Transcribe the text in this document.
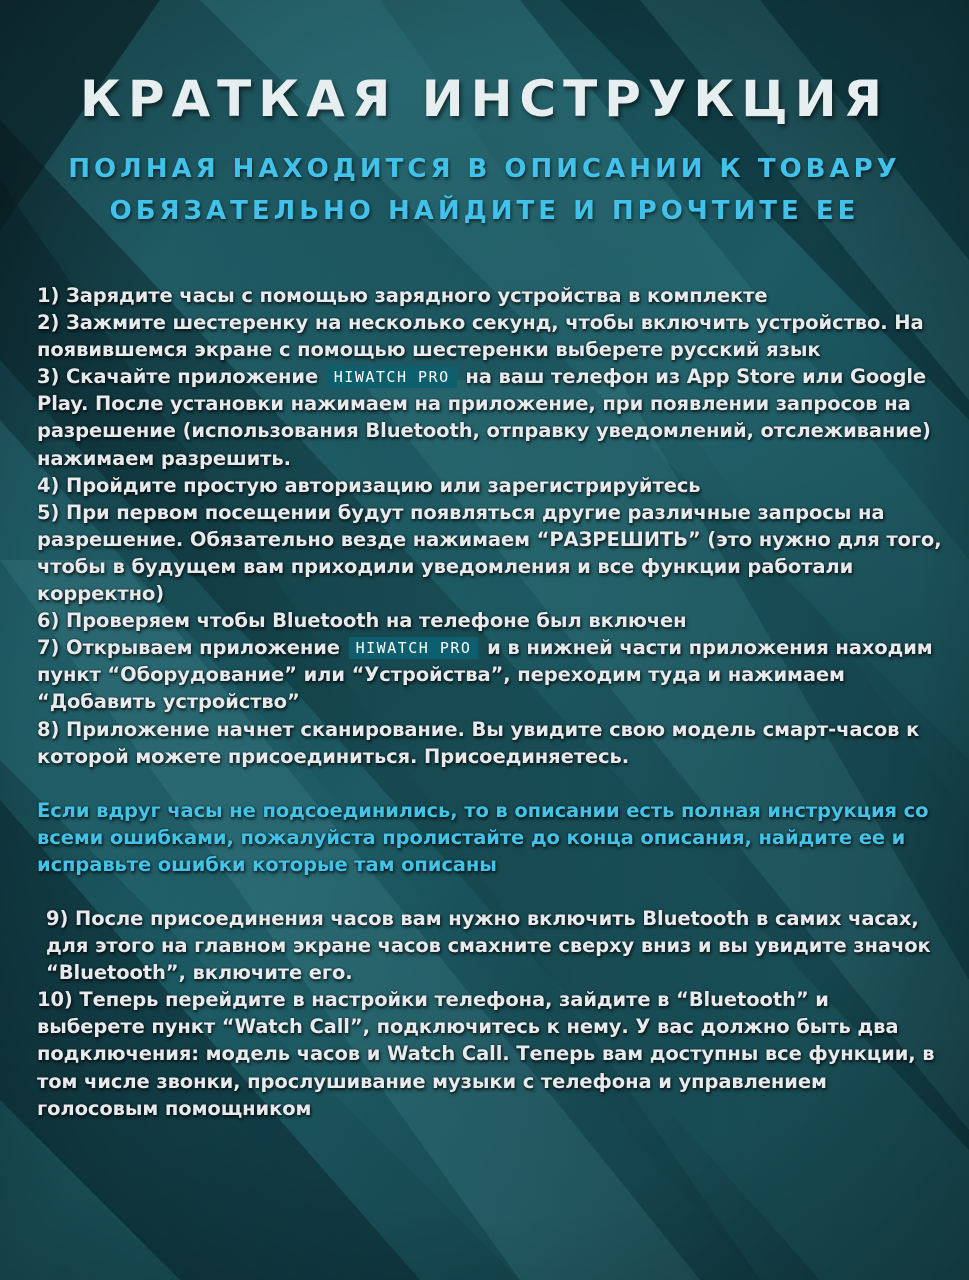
КРАТКАЯ ИНСТРУКЦИЯ
ПОЛНАЯ НАХОДИТСЯ В ОПИСАНИИ К ТОВАРУ
ОБЯЗАТЕЛЬНО НАЙДИТЕ И ПРОЧТИТЕ ЕЕ

1) Зарядите часы с помощью зарядного устройства в комплекте

2) Зажмите шестеренку на несколько секунд, чтобы включить устройство. На появившемся экране с помощью шестеренки выберете русский язык

3) Скачайте приложение HIWATCH PRO на ваш телефон из App Store или Google Play. После установки нажимаем на приложение, при появлении запросов на разрешение (использования Bluetooth, отправку уведомлений, отслеживание) нажимаем разрешить.

4) Пройдите простую авторизацию или зарегистрируйтесь

5) При первом посещении будут появляться другие различные запросы на разрешение. Обязательно везде нажимаем “РАЗРЕШИТЬ” (это нужно для того, чтобы в будущем вам приходили уведомления и все функции работали корректно)

6) Проверяем чтобы Bluetooth на телефоне был включен

7) Открываем приложение HIWATCH PRO и в нижней части приложения находим пункт “Оборудование” или “Устройства”, переходим туда и нажимаем “Добавить устройство”

8) Приложение начнет сканирование. Вы увидите свою модель смарт-часов к которой можете присоединиться. Присоединяетесь.

Если вдруг часы не подсоединились, то в описании есть полная инструкция со всеми ошибками, пожалуйста пролистайте до конца описания, найдите ее и исправьте ошибки которые там описаны

9) После присоединения часов вам нужно включить Bluetooth в самих часах, для этого на главном экране часов смахните сверху вниз и вы увидите значок “Bluetooth”, включите его.

10) Теперь перейдите в настройки телефона, зайдите в “Bluetooth” и выберете пункт “Watch Call”, подключитесь к нему. У вас должно быть два подключения: модель часов и Watch Call. Теперь вам доступны все функции, в том числе звонки, прослушивание музыки с телефона и управлением голосовым помощником
